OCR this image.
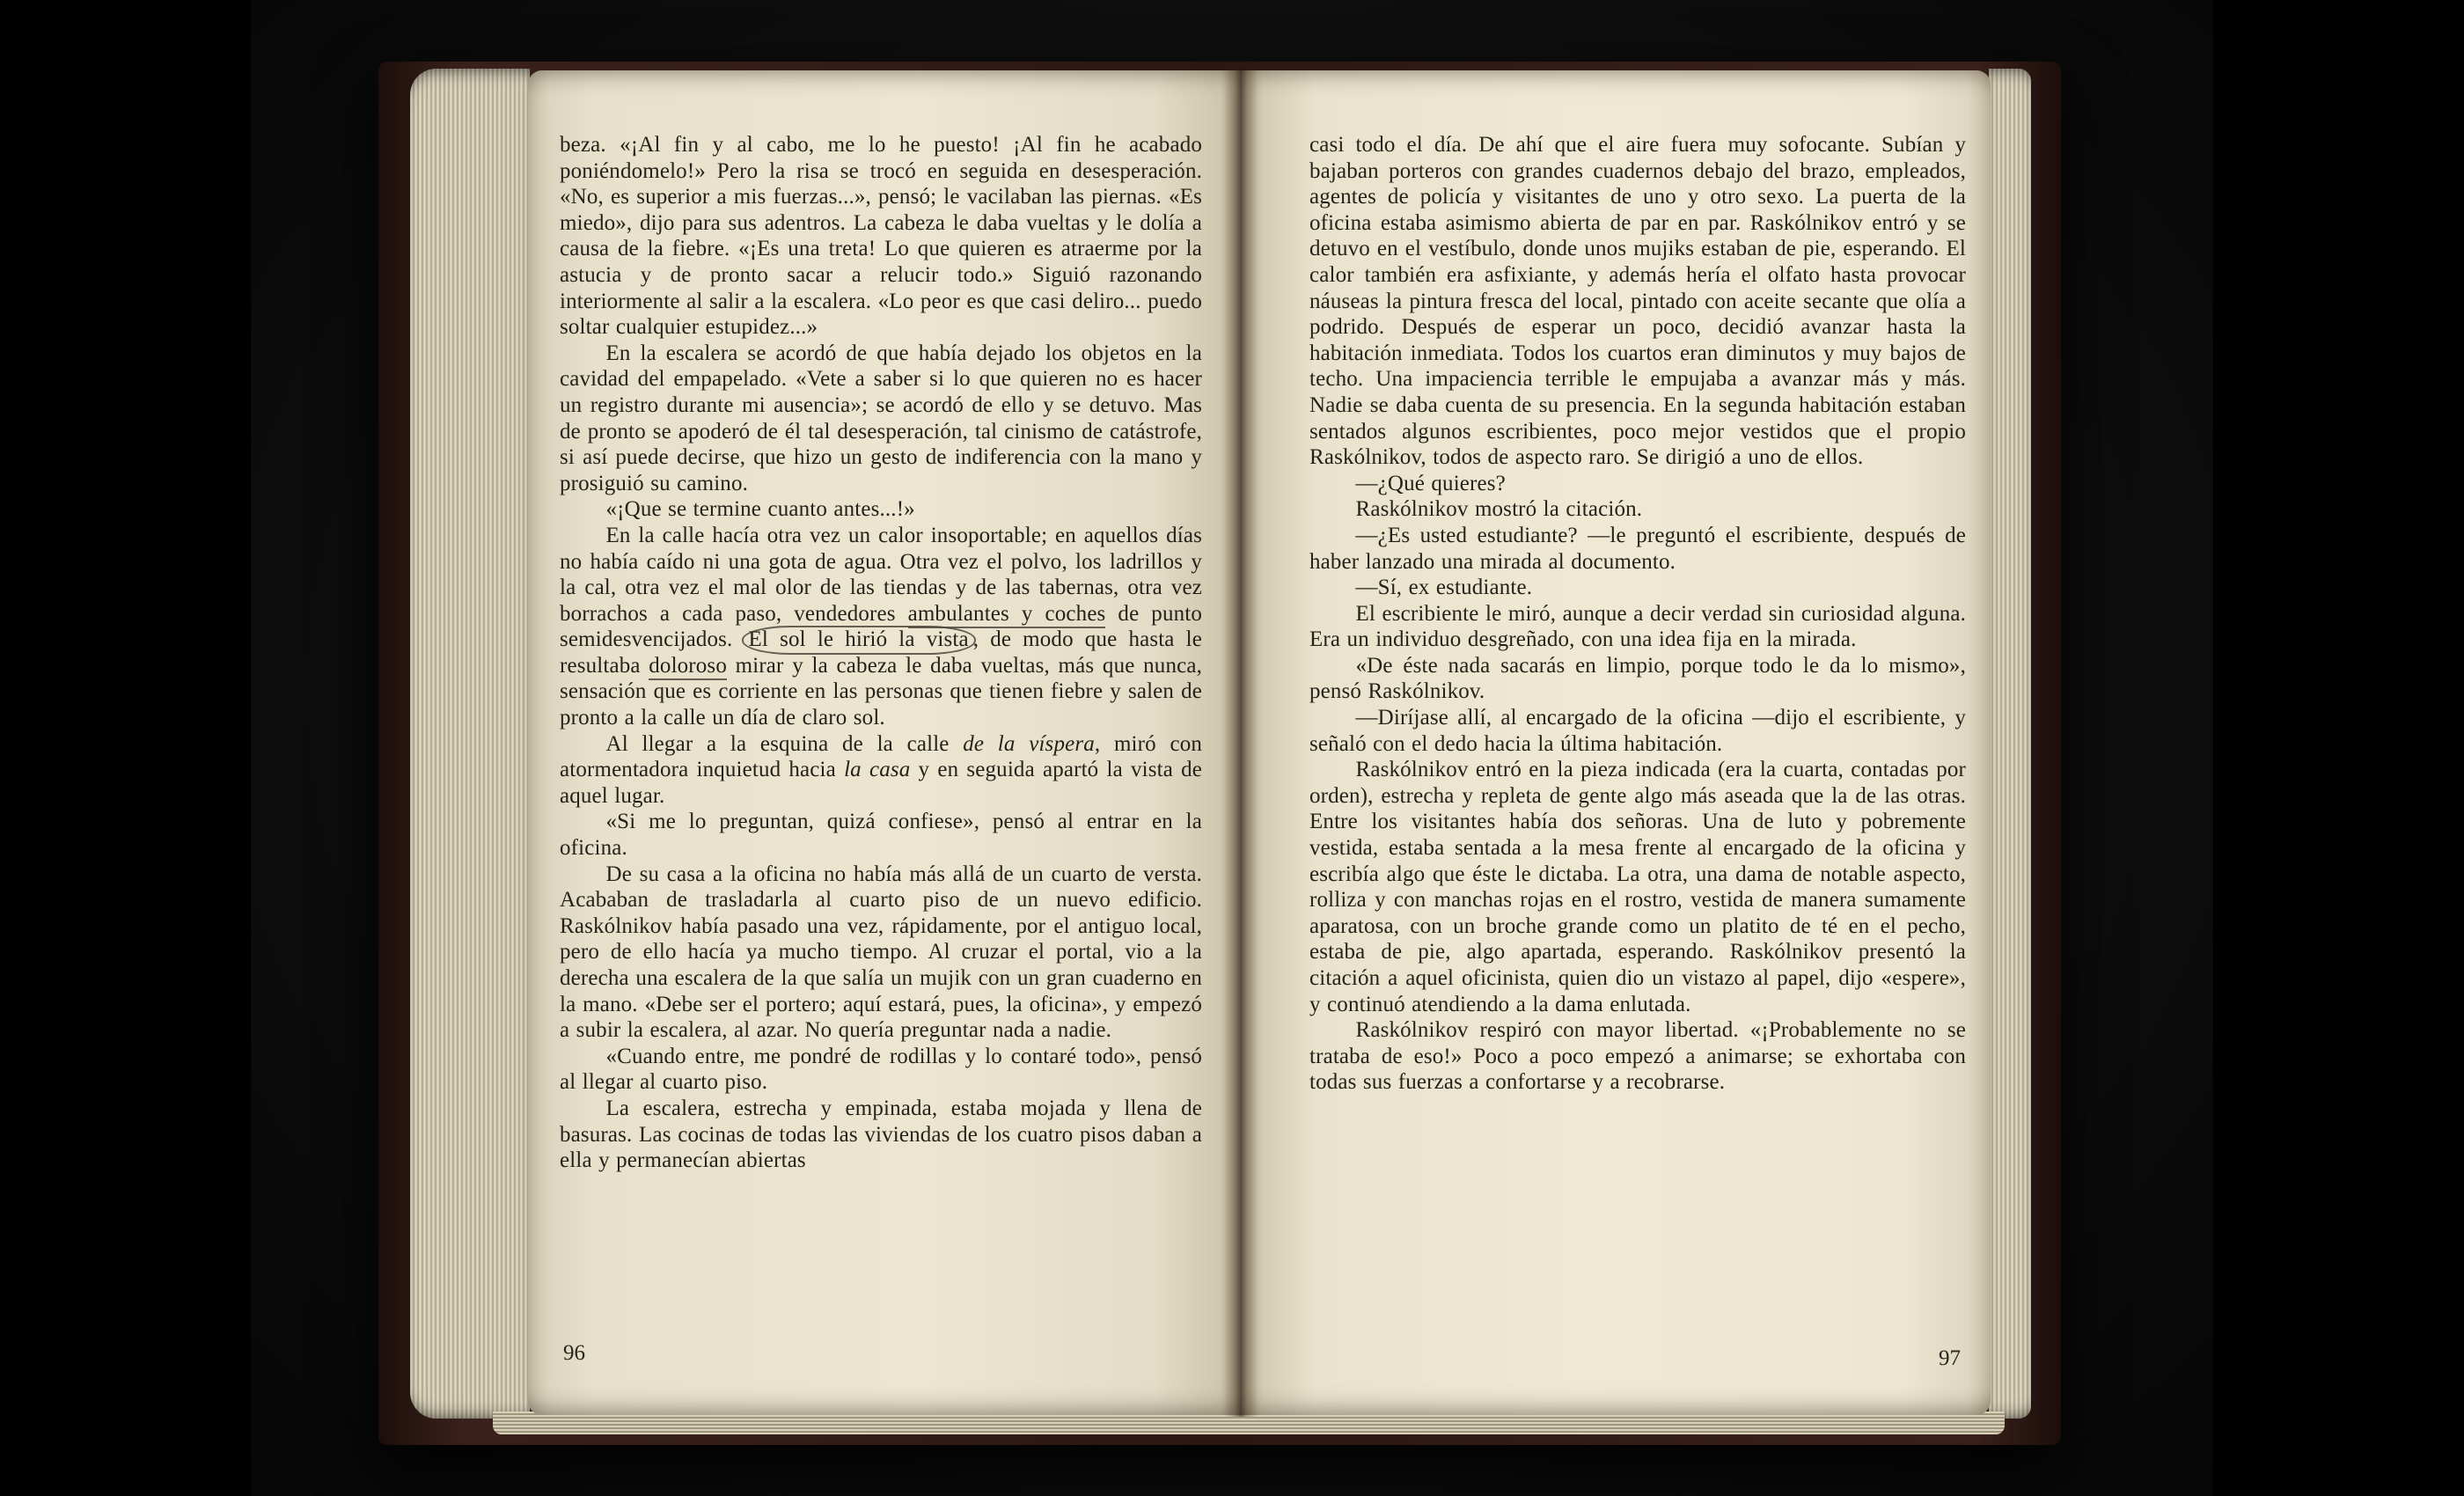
beza. «¡Al fin y al cabo, me lo he puesto! ¡Al fin he acabado poniéndomelo!» Pero la risa se trocó en seguida en desesperación. «No, es superior a mis fuerzas...», pensó; le vacilaban las piernas. «Es miedo», dijo para sus adentros. La cabeza le daba vueltas y le dolía a causa de la fiebre. «¡Es una treta! Lo que quieren es atraerme por la astucia y de pronto sacar a relucir todo.» Siguió razonando interiormente al salir a la escalera. «Lo peor es que casi deliro... puedo soltar cualquier estupidez...»

En la escalera se acordó de que había dejado los objetos en la cavidad del empapelado. «Vete a saber si lo que quieren no es hacer un registro durante mi ausencia»; se acordó de ello y se detuvo. Mas de pronto se apoderó de él tal desesperación, tal cinismo de catástrofe, si así puede decirse, que hizo un gesto de indiferencia con la mano y prosiguió su camino.

«¡Que se termine cuanto antes...!»

En la calle hacía otra vez un calor insoportable; en aquellos días no había caído ni una gota de agua. Otra vez el polvo, los ladrillos y la cal, otra vez el mal olor de las tiendas y de las tabernas, otra vez borrachos a cada paso, vendedores ambulantes y coches de punto semidesvencijados. El sol le hirió la vista , de modo que hasta le resultaba doloroso mirar y la cabeza le daba vueltas, más que nunca, sensación que es corriente en las personas que tienen fiebre y salen de pronto a la calle un día de claro sol.

Al llegar a la esquina de la calle de la víspera, miró con atormentadora inquietud hacia la casa y en seguida apartó la vista de aquel lugar.

«Si me lo preguntan, quizá confiese», pensó al entrar en la oficina.

De su casa a la oficina no había más allá de un cuarto de versta. Acababan de trasladarla al cuarto piso de un nuevo edificio. Raskólnikov había pasado una vez, rápidamente, por el antiguo local, pero de ello hacía ya mucho tiempo. Al cruzar el portal, vio a la derecha una escalera de la que salía un mujik con un gran cuaderno en la mano. «Debe ser el portero; aquí estará, pues, la oficina», y empezó a subir la escalera, al azar. No quería preguntar nada a nadie.

«Cuando entre, me pondré de rodillas y lo contaré todo», pensó al llegar al cuarto piso.

La escalera, estrecha y empinada, estaba mojada y llena de basuras. Las cocinas de todas las viviendas de los cuatro pisos daban a ella y permanecían abiertas

96

casi todo el día. De ahí que el aire fuera muy sofocante. Subían y bajaban porteros con grandes cuadernos debajo del brazo, empleados, agentes de policía y visitantes de uno y otro sexo. La puerta de la oficina estaba asimismo abierta de par en par. Raskólnikov entró y se detuvo en el vestíbulo, donde unos mujiks estaban de pie, esperando. El calor también era asfixiante, y además hería el olfato hasta provocar náuseas la pintura fresca del local, pintado con aceite secante que olía a podrido. Después de esperar un poco, decidió avanzar hasta la habitación inmediata. Todos los cuartos eran diminutos y muy bajos de techo. Una impaciencia terrible le empujaba a avanzar más y más. Nadie se daba cuenta de su presencia. En la segunda habitación estaban sentados algunos escribientes, poco mejor vestidos que el propio Raskólnikov, todos de aspecto raro. Se dirigió a uno de ellos.

—¿Qué quieres?

Raskólnikov mostró la citación.

—¿Es usted estudiante? —le preguntó el escribiente, después de haber lanzado una mirada al documento.

—Sí, ex estudiante.

El escribiente le miró, aunque a decir verdad sin curiosidad alguna. Era un individuo desgreñado, con una idea fija en la mirada.

«De éste nada sacarás en limpio, porque todo le da lo mismo», pensó Raskólnikov.

—Diríjase allí, al encargado de la oficina —dijo el escribiente, y señaló con el dedo hacia la última habitación.

Raskólnikov entró en la pieza indicada (era la cuarta, contadas por orden), estrecha y repleta de gente algo más aseada que la de las otras. Entre los visitantes había dos señoras. Una de luto y pobremente vestida, estaba sentada a la mesa frente al encargado de la oficina y escribía algo que éste le dictaba. La otra, una dama de notable aspecto, rolliza y con manchas rojas en el rostro, vestida de manera sumamente aparatosa, con un broche grande como un platito de té en el pecho, estaba de pie, algo apartada, esperando. Raskólnikov presentó la citación a aquel oficinista, quien dio un vistazo al papel, dijo «espere», y continuó atendiendo a la dama enlutada.

Raskólnikov respiró con mayor libertad. «¡Probablemente no se trataba de eso!» Poco a poco empezó a animarse; se exhortaba con todas sus fuerzas a confortarse y a recobrarse.

97
